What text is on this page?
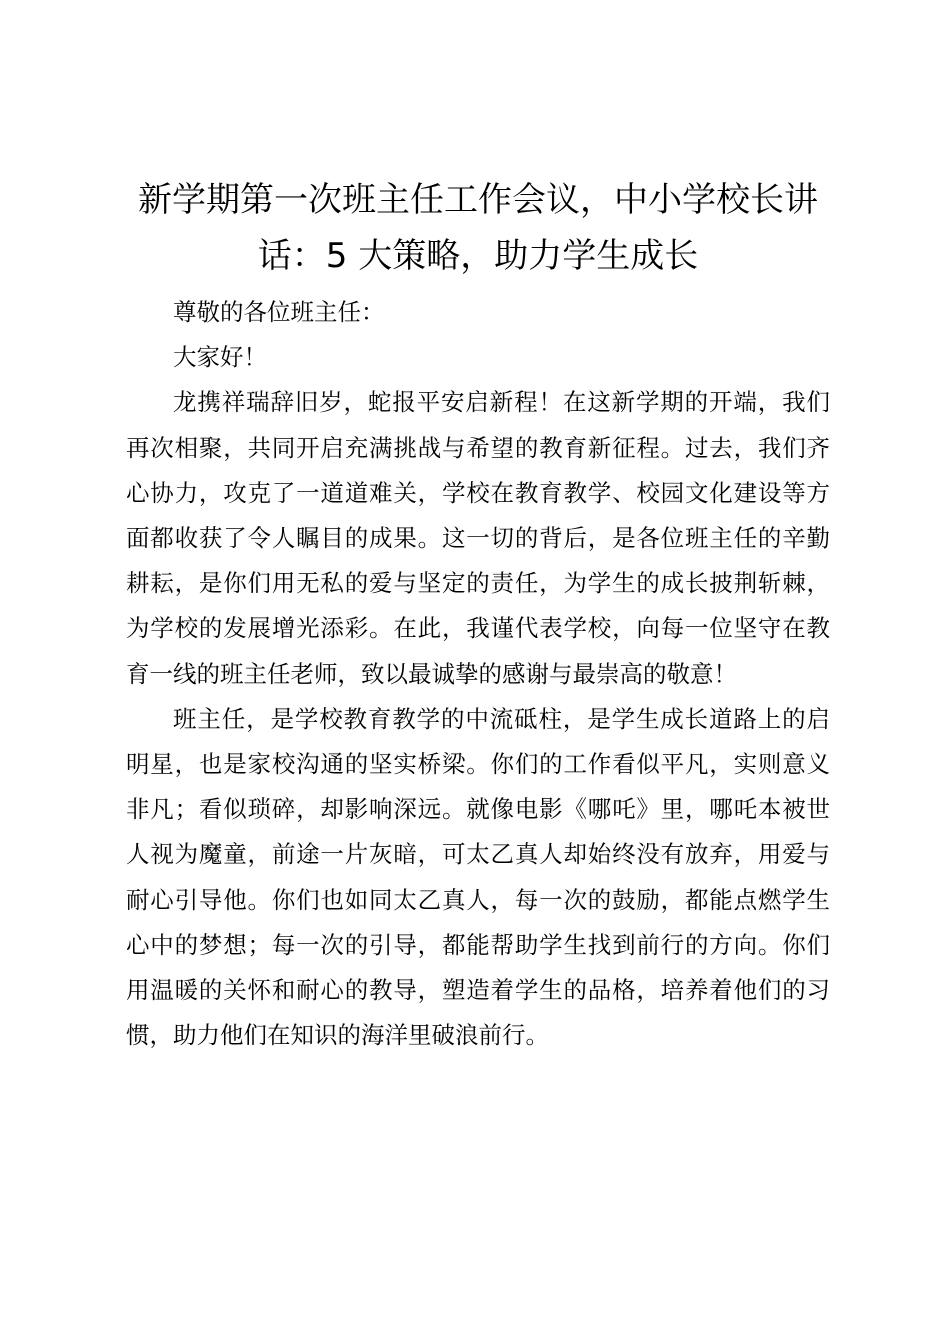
新学期第一次班主任工作会议，中小学校长讲话：5 大策略，助力学生成长

尊敬的各位班主任：

大家好！

龙携祥瑞辞旧岁，蛇报平安启新程！在这新学期的开端，我们再次相聚，共同开启充满挑战与希望的教育新征程。过去，我们齐心协力，攻克了一道道难关，学校在教育教学、校园文化建设等方面都收获了令人瞩目的成果。这一切的背后，是各位班主任的辛勤耕耘，是你们用无私的爱与坚定的责任，为学生的成长披荆斩棘，为学校的发展增光添彩。在此，我谨代表学校，向每一位坚守在教育一线的班主任老师，致以最诚挚的感谢与最崇高的敬意！

班主任，是学校教育教学的中流砥柱，是学生成长道路上的启明星，也是家校沟通的坚实桥梁。你们的工作看似平凡，实则意义非凡；看似琐碎，却影响深远。就像电影《哪吒》里，哪吒本被世人视为魔童，前途一片灰暗，可太乙真人却始终没有放弃，用爱与耐心引导他。你们也如同太乙真人，每一次的鼓励，都能点燃学生心中的梦想；每一次的引导，都能帮助学生找到前行的方向。你们用温暖的关怀和耐心的教导，塑造着学生的品格，培养着他们的习惯，助力他们在知识的海洋里破浪前行。
